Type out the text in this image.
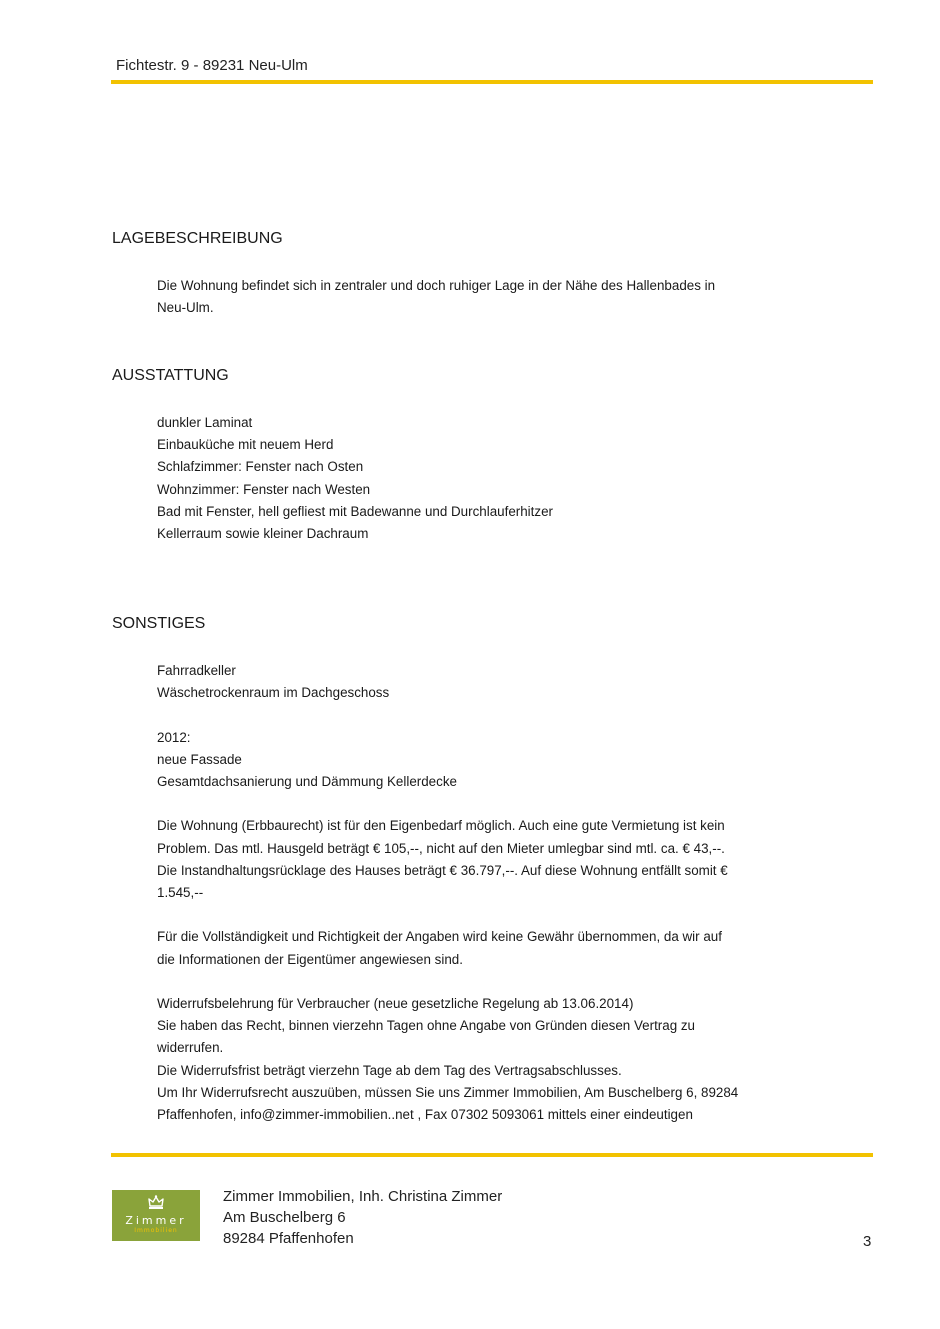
Fichtestr. 9 - 89231 Neu-Ulm
LAGEBESCHREIBUNG

Die Wohnung befindet sich in zentraler und doch ruhiger Lage in der Nähe des Hallenbades in

Neu-Ulm.

AUSSTATTUNG
dunkler Laminat
Einbauküche mit neuem Herd
Schlafzimmer: Fenster nach Osten
Wohnzimmer: Fenster nach Westen
Bad mit Fenster, hell gefliest mit Badewanne und Durchlauferhitzer
Kellerraum sowie kleiner Dachraum
SONSTIGES

Fahrradkeller

Wäschetrockenraum im Dachgeschoss

2012:

neue Fassade

Gesamtdachsanierung und Dämmung Kellerdecke

Die Wohnung (Erbbaurecht) ist für den Eigenbedarf möglich. Auch eine gute Vermietung ist kein

Problem. Das mtl. Hausgeld beträgt € 105,--, nicht auf den Mieter umlegbar sind mtl. ca. € 43,--.

Die Instandhaltungsrücklage des Hauses beträgt € 36.797,--. Auf diese Wohnung entfällt somit €

1.545,--

Für die Vollständigkeit und Richtigkeit der Angaben wird keine Gewähr übernommen, da wir auf

die Informationen der Eigentümer angewiesen sind.

Widerrufsbelehrung für Verbraucher (neue gesetzliche Regelung ab 13.06.2014)

Sie haben das Recht, binnen vierzehn Tagen ohne Angabe von Gründen diesen Vertrag zu

widerrufen.

Die Widerrufsfrist beträgt vierzehn Tage ab dem Tag des Vertragsabschlusses.

Um Ihr Widerrufsrecht auszuüben, müssen Sie uns Zimmer Immobilien, Am Buschelberg 6, 89284

Pfaffenhofen, info@zimmer-immobilien..net , Fax 07302 5093061 mittels einer eindeutigen

Zimmer
Immobilien
Zimmer Immobilien, Inh. Christina Zimmer
Am Buschelberg 6
89284 Pfaffenhofen	3
